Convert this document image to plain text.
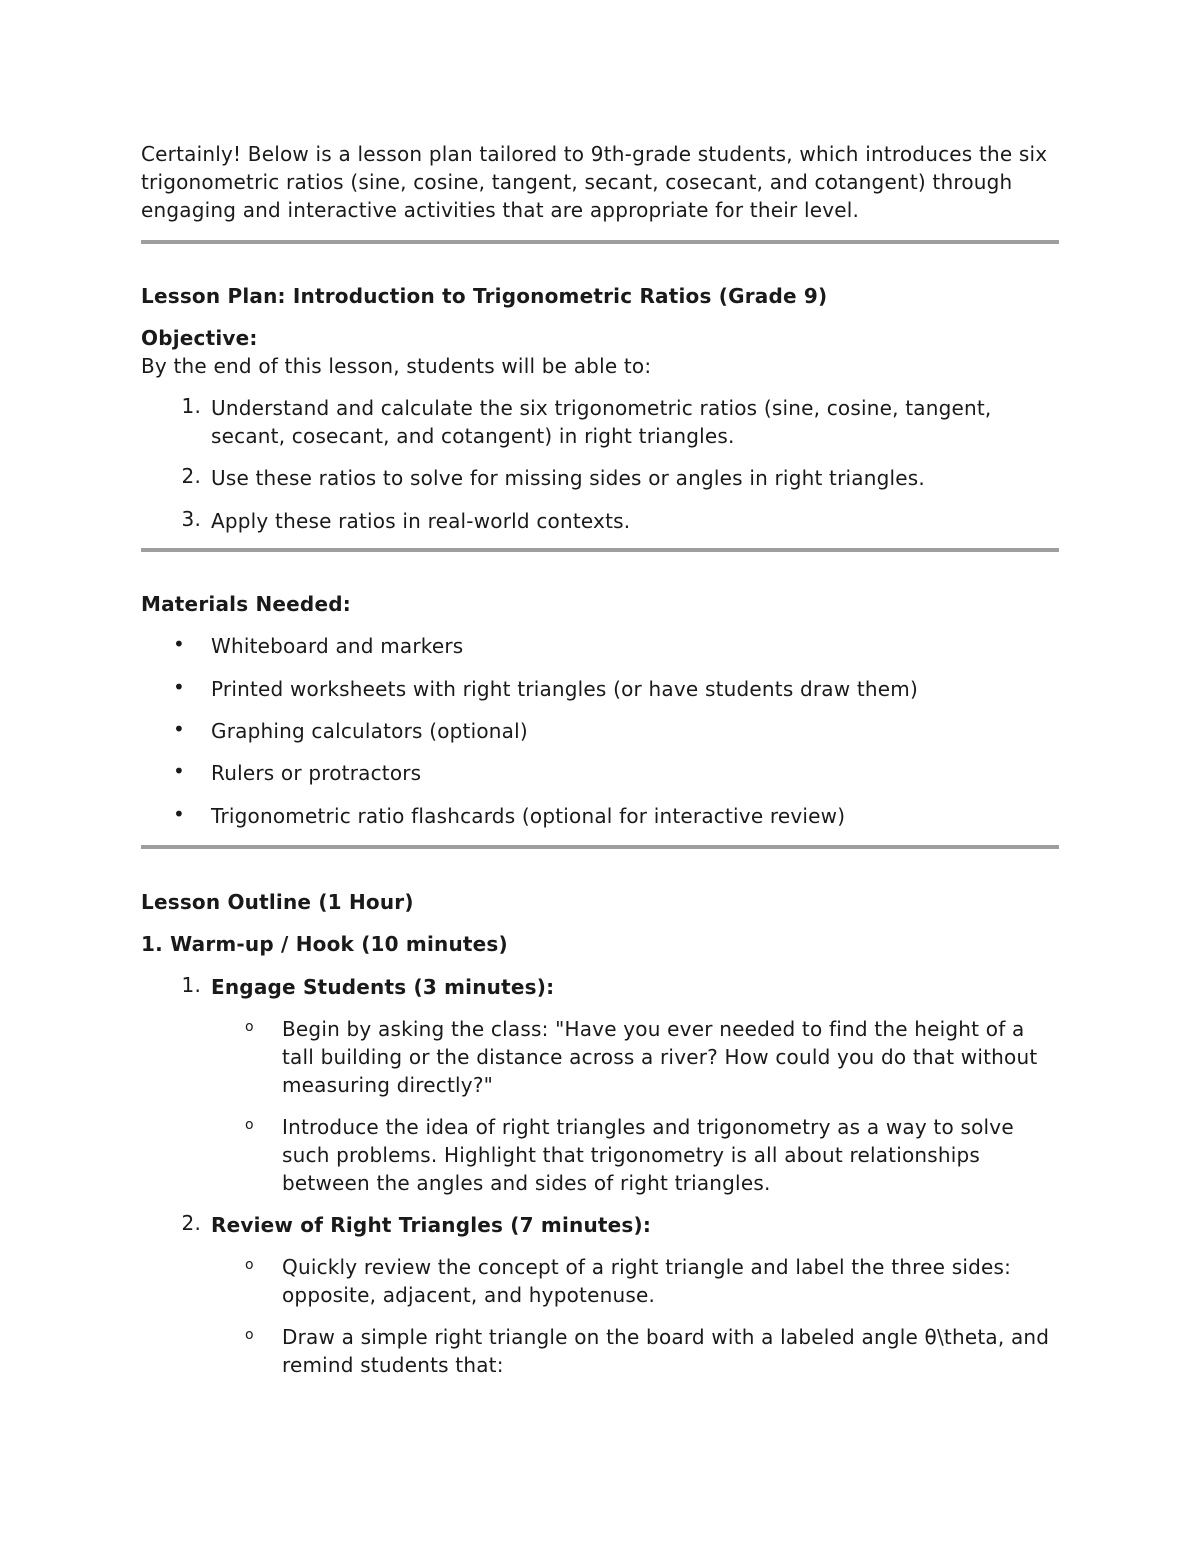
Certainly! Below is a lesson plan tailored to 9th-grade students, which introduces the six trigonometric ratios (sine, cosine, tangent, secant, cosecant, and cotangent) through engaging and interactive activities that are appropriate for their level.

Lesson Plan: Introduction to Trigonometric Ratios (Grade 9)

Objective:

By the end of this lesson, students will be able to:

1. Understand and calculate the six trigonometric ratios (sine, cosine, tangent, secant, cosecant, and cotangent) in right triangles.

2. Use these ratios to solve for missing sides or angles in right triangles.

3. Apply these ratios in real-world contexts.

Materials Needed:

• Whiteboard and markers

• Printed worksheets with right triangles (or have students draw them)

• Graphing calculators (optional)

• Rulers or protractors

• Trigonometric ratio flashcards (optional for interactive review)

Lesson Outline (1 Hour)

1. Warm-up / Hook (10 minutes)

1. Engage Students (3 minutes):

o Begin by asking the class: "Have you ever needed to find the height of a tall building or the distance across a river? How could you do that without measuring directly?"

o Introduce the idea of right triangles and trigonometry as a way to solve such problems. Highlight that trigonometry is all about relationships between the angles and sides of right triangles.

2. Review of Right Triangles (7 minutes):

o Quickly review the concept of a right triangle and label the three sides: opposite, adjacent, and hypotenuse.

o Draw a simple right triangle on the board with a labeled angle θ\theta, and remind students that:
